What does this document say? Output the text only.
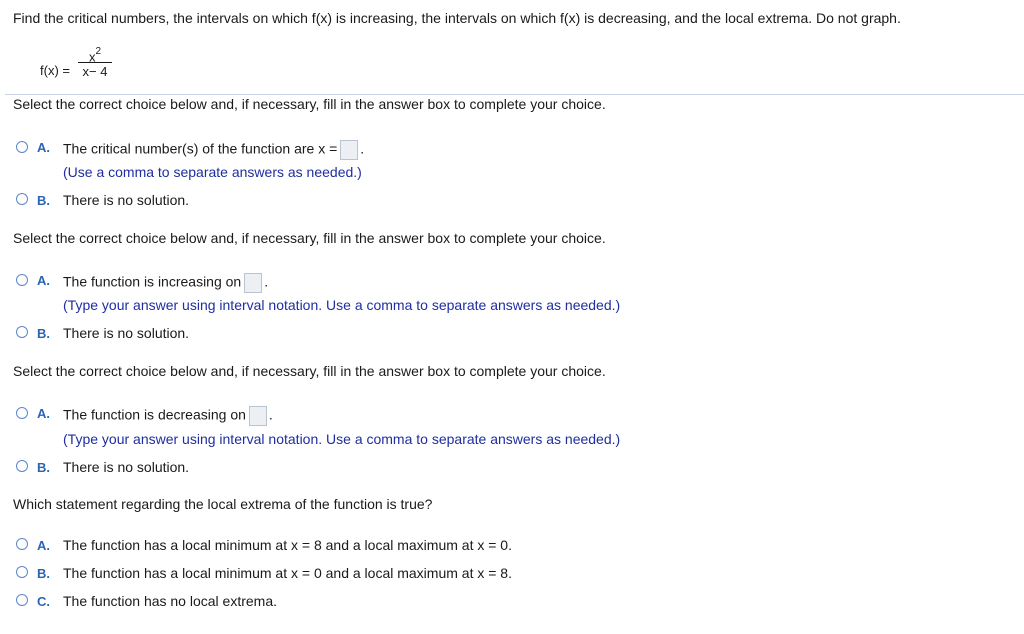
Find the critical numbers, the intervals on which f(x) is increasing, the intervals on which f(x) is decreasing, and the local extrema. Do not graph.
f(x) =
$x^2$
x− 4
Select the correct choice below and, if necessary, fill in the answer box to complete your choice.
A. The critical number(s) of the function are x = .
(Use a comma to separate answers as needed.)
B. There is no solution.
Select the correct choice below and, if necessary, fill in the answer box to complete your choice.
A. The function is increasing on .
(Type your answer using interval notation. Use a comma to separate answers as needed.)
B. There is no solution.
Select the correct choice below and, if necessary, fill in the answer box to complete your choice.
A. The function is decreasing on .
(Type your answer using interval notation. Use a comma to separate answers as needed.)
B. There is no solution.
Which statement regarding the local extrema of the function is true?
A. The function has a local minimum at x = 8 and a local maximum at x = 0.
B. The function has a local minimum at x = 0 and a local maximum at x = 8.
C. The function has no local extrema.
